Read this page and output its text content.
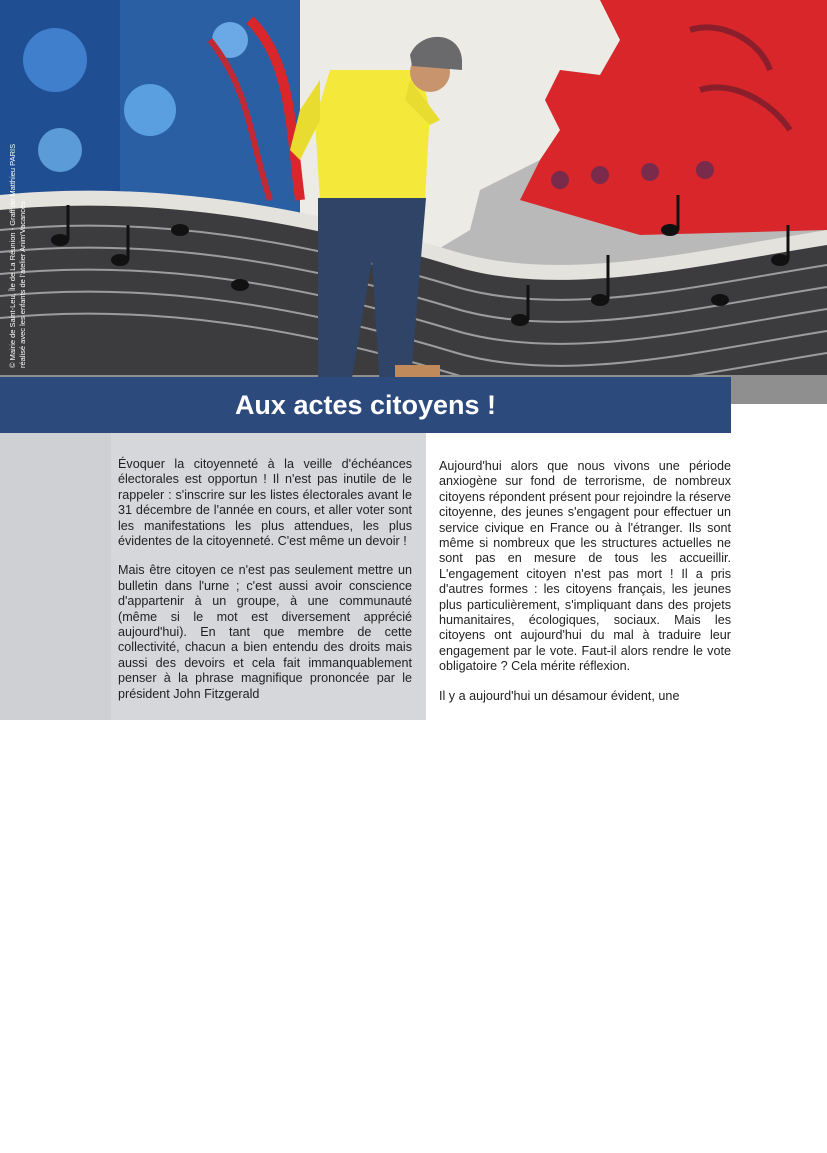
© Mairie de Saint-Leu, Île de La Réunion - Graff de Matthieu PARIS réalisé avec les enfants de l'atelier Anim'Vacances
Aux actes citoyens !
ais-du-monde.org

Évoquer la citoyenneté à la veille d'échéances électorales est opportun ! Il n'est pas inutile de le rappeler : s'inscrire sur les listes électorales avant le 31 décembre de l'année en cours, et aller voter sont les manifestations les plus attendues, les plus évidentes de la citoyenneté. C'est même un devoir !

Mais être citoyen ce n'est pas seulement mettre un bulletin dans l'urne ; c'est aussi avoir conscience d'appartenir à un groupe, à une communauté (même si le mot est diversement apprécié aujourd'hui). En tant que membre de cette collectivité, chacun a bien entendu des droits mais aussi des devoirs et cela fait immanquablement penser à la phrase magnifique prononcée par le président John Fitzgerald

Aujourd'hui alors que nous vivons une période anxiogène sur fond de terrorisme, de nombreux citoyens répondent présent pour rejoindre la réserve citoyenne, des jeunes s'engagent pour effectuer un service civique en France ou à l'étranger. Ils sont même si nombreux que les structures actuelles ne sont pas en mesure de tous les accueillir. L'engagement citoyen n'est pas mort ! Il a pris d'autres formes : les citoyens français, les jeunes plus particulièrement, s'impliquant dans des projets humanitaires, écologiques, sociaux. Mais les citoyens ont aujourd'hui du mal à traduire leur engagement par le vote. Faut-il alors rendre le vote obligatoire ? Cela mérite réflexion.

Il y a aujourd'hui un désamour évident, une
